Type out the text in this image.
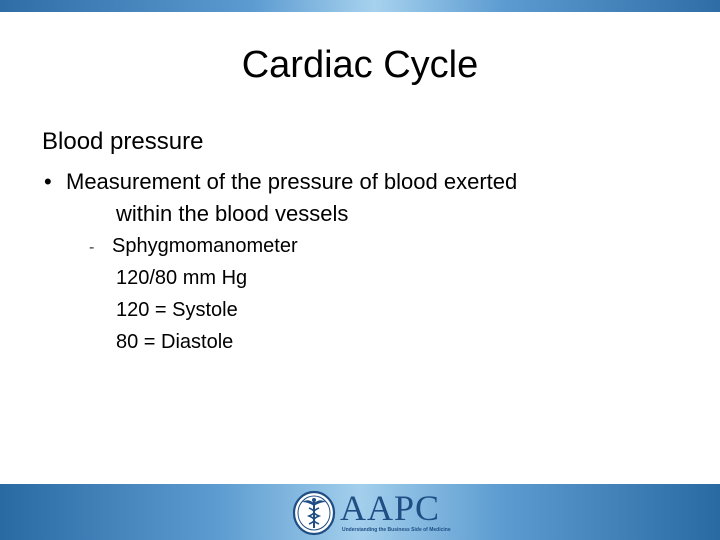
Cardiac Cycle
Blood pressure
• Measurement of the pressure of blood exerted
within the blood vessels
- Sphygmomanometer
120/80 mm Hg
120 = Systole
80 = Diastole
AAPC
Understanding the Business Side of Medicine
